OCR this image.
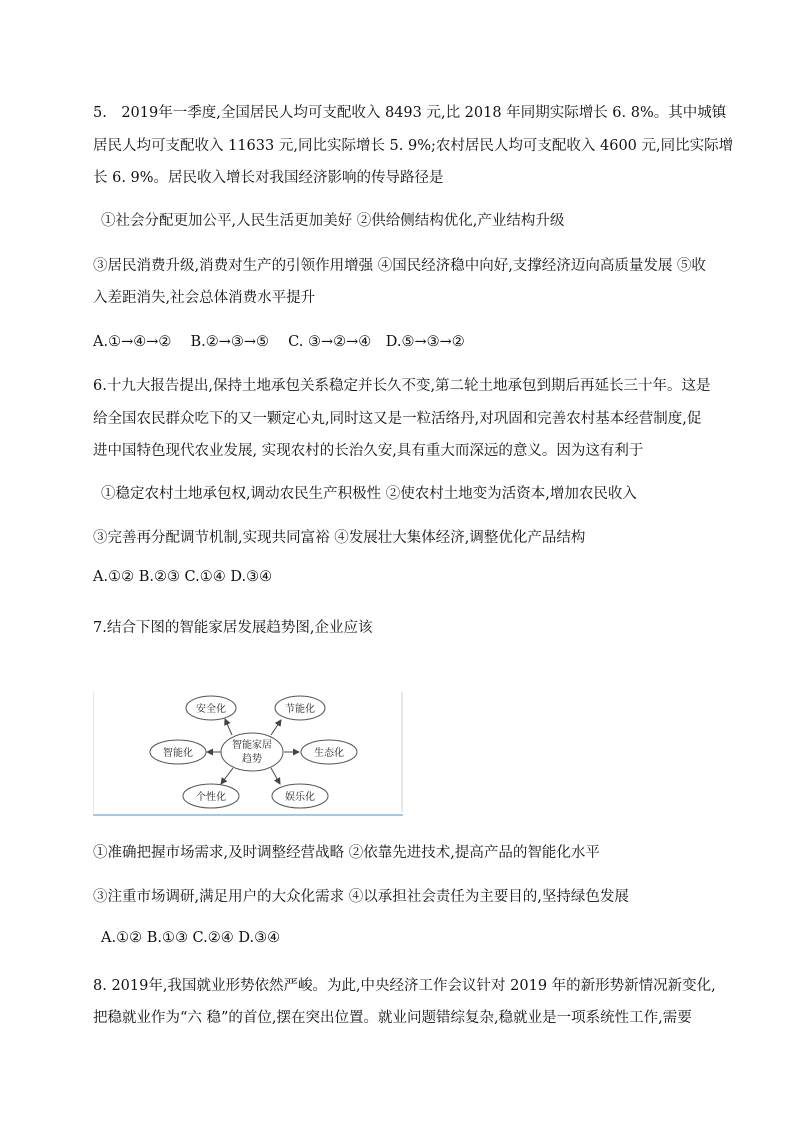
5.　2019年一季度,全国居民人均可支配收入 8493 元,比 2018 年同期实际增长 6. 8%。其中城镇
居民人均可支配收入 11633 元,同比实际增长 5. 9%;农村居民人均可支配收入 4600 元,同比实际增
长 6. 9%。居民收入增长对我国经济影响的传导路径是
①社会分配更加公平,人民生活更加美好 ②供给侧结构优化,产业结构升级
③居民消费升级,消费对生产的引领作用增强 ④国民经济稳中向好,支撑经济迈向高质量发展 ⑤收
入差距消失,社会总体消费水平提升
A.①→④→②　 B.②→③→⑤　 C. ③→②→④　D.⑤→③→②
6.十九大报告提出,保持土地承包关系稳定并长久不变,第二轮土地承包到期后再延长三十年。这是
给全国农民群众吃下的又一颗定心丸,同时这又是一粒活络丹,对巩固和完善农村基本经营制度,促
进中国特色现代农业发展, 实现农村的长治久安,具有重大而深远的意义。因为这有利于
①稳定农村土地承包权,调动农民生产积极性 ②使农村土地变为活资本,增加农民收入
③完善再分配调节机制,实现共同富裕 ④发展壮大集体经济,调整优化产品结构
A.①② B.②③ C.①④ D.③④
7.结合下图的智能家居发展趋势图,企业应该
智能家居
趋势
安全化	节能化
智能化	生态化
个性化	娱乐化
①准确把握市场需求,及时调整经营战略 ②依靠先进技术,提高产品的智能化水平
③注重市场调研,满足用户的大众化需求 ④以承担社会责任为主要目的,坚持绿色发展
A.①② B.①③ C.②④ D.③④
8. 2019年,我国就业形势依然严峻。为此,中央经济工作会议针对 2019 年的新形势新情况新变化,
把稳就业作为“六 稳”的首位,摆在突出位置。就业问题错综复杂,稳就业是一项系统性工作,需要
